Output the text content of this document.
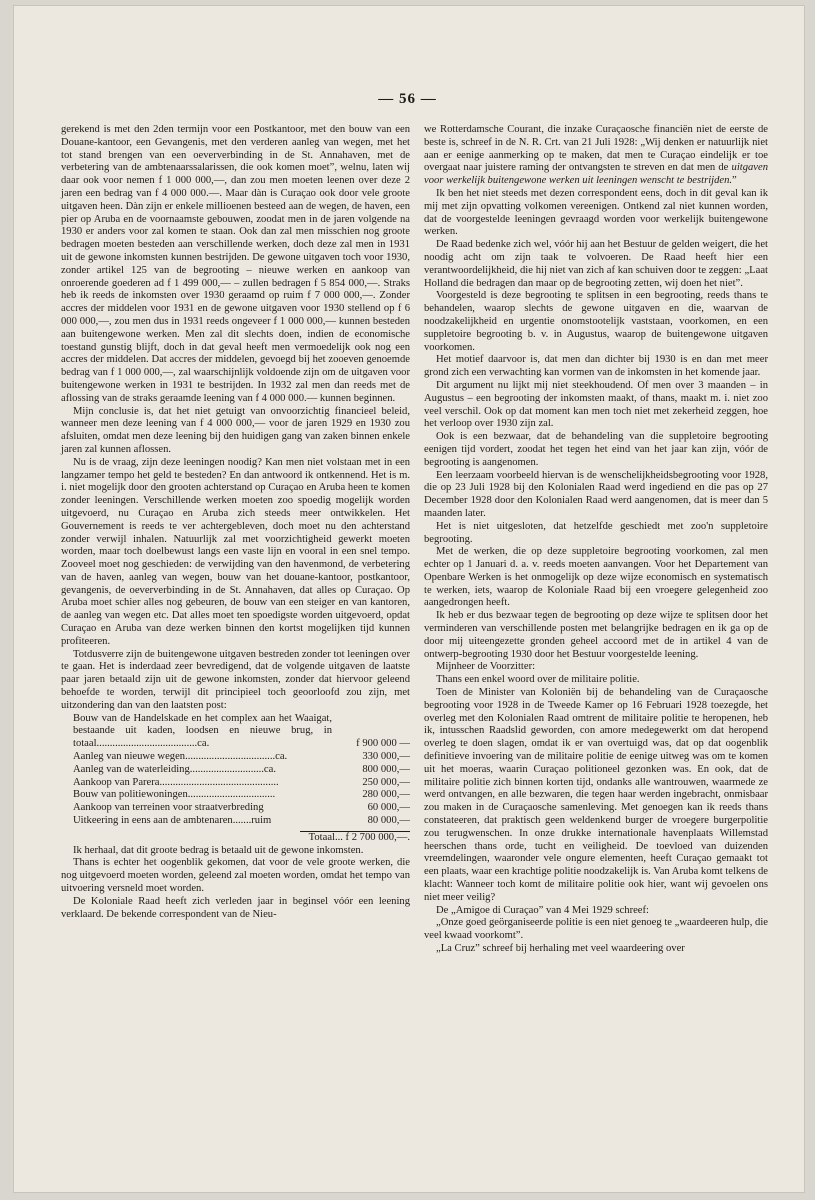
— 56 —

gerekend is met den 2den termijn voor een Postkantoor, met den bouw van een Douane-kantoor, een Gevangenis, met den verderen aanleg van wegen, met het tot stand brengen van een oeververbinding in de St. Annahaven, met de verbetering van de ambtenaarssalarissen, die ook komen moet”, welnu, laten wij daar ook voor nemen f 1 000 000,—, dan zou men moeten leenen over deze 2 jaren een bedrag van f 4 000 000.—. Maar dàn is Curaçao ook door vele groote uitgaven heen. Dàn zijn er enkele millioenen besteed aan de wegen, de haven, een pier op Aruba en de voornaamste gebouwen, zoodat men in de jaren volgende na 1930 er anders voor zal komen te staan. Ook dan zal men misschien nog groote bedragen moeten besteden aan verschillende werken, doch deze zal men in 1931 uit de gewone inkomsten kunnen bestrijden. De gewone uitgaven toch voor 1930, zonder artikel 125 van de begrooting – nieuwe werken en aankoop van onroerende goederen ad f 1 499 000,— – zullen bedragen f 5 854 000,—. Straks heb ik reeds de inkomsten over 1930 geraamd op ruim f 7 000 000,—. Zonder accres der middelen voor 1931 en de gewone uitgaven voor 1930 stellend op f 6 000 000,—, zou men dus in 1931 reeds ongeveer f 1 000 000,— kunnen besteden aan buitengewone werken. Men zal dit slechts doen, indien de economische toestand gunstig blijft, doch in dat geval heeft men vermoedelijk ook nog een accres der middelen. Dat accres der middelen, gevoegd bij het zooeven genoemde bedrag van f 1 000 000,—, zal waarschijnlijk voldoende zijn om de uitgaven voor buitengewone werken in 1931 te bestrijden. In 1932 zal men dan reeds met de aflossing van de straks geraamde leening van f 4 000 000.— kunnen beginnen.

Mijn conclusie is, dat het niet getuigt van onvoorzichtig financieel beleid, wanneer men deze leening van f 4 000 000,— voor de jaren 1929 en 1930 zou afsluiten, omdat men deze leening bij den huidigen gang van zaken binnen enkele jaren zal kunnen aflossen.

Nu is de vraag, zijn deze leeningen noodig? Kan men niet volstaan met in een langzamer tempo het geld te besteden? En dan antwoord ik ontkennend. Het is m. i. niet mogelijk door den grooten achterstand op Curaçao en Aruba heen te komen zonder leeningen. Verschillende werken moeten zoo spoedig mogelijk worden uitgevoerd, nu Curaçao en Aruba zich steeds meer ontwikkelen. Het Gouvernement is reeds te ver achtergebleven, doch moet nu den achterstand zonder verwijl inhalen. Natuurlijk zal met voorzichtigheid gewerkt moeten worden, maar toch doelbewust langs een vaste lijn en vooral in een snel tempo. Zooveel moet nog geschieden: de verwijding van den havenmond, de verbetering van de haven, aanleg van wegen, bouw van het douane-kantoor, postkantoor, gevangenis, de oeververbinding in de St. Annahaven, dat alles op Curaçao. Op Aruba moet schier alles nog gebeuren, de bouw van een steiger en van kantoren, de aanleg van wegen etc. Dat alles moet ten spoedigste worden uitgevoerd, opdat Curaçao en Aruba van deze werken binnen den kortst mogelijken tijd kunnen profiteeren.

Totdusverre zijn de buitengewone uitgaven bestreden zonder tot leeningen over te gaan. Het is inderdaad zeer bevredigend, dat de volgende uitgaven de laatste paar jaren betaald zijn uit de gewone inkomsten, zonder dat hiervoor geleend behoefde te worden, terwijl dit principieel toch geoorloofd zou zijn, met uitzondering dan van den laatsten post:

Bouw van de Handelskade en het complex aan het Waaigat, bestaande uit kaden, loodsen en nieuwe brug, in totaal......................................ca.	f 900 000 —
Aanleg van nieuwe wegen..................................ca.	330 000,—
Aanleg van de waterleiding............................ca.	800 000,—
Aankoop van Parera.............................................	250 000,—
Bouw van politiewoningen.................................	280 000,—
Aankoop van terreinen voor straatverbreding	60 000,—
Uitkeering in eens aan de ambtenaren.......ruim	80 000,—
Totaal... f 2 700 000,—.

Ik herhaal, dat dit groote bedrag is betaald uit de gewone inkomsten.

Thans is echter het oogenblik gekomen, dat voor de vele groote werken, die nog uitgevoerd moeten worden, geleend zal moeten worden, omdat het tempo van uitvoering versneld moet worden.

De Koloniale Raad heeft zich verleden jaar in beginsel vóór een leening verklaard. De bekende correspondent van de Nieu-

we Rotterdamsche Courant, die inzake Curaçaosche financiën niet de eerste de beste is, schreef in de N. R. Crt. van 21 Juli 1928: „Wij denken er natuurlijk niet aan er eenige aanmerking op te maken, dat men te Curaçao eindelijk er toe overgaat naar juistere raming der ontvangsten te streven en dat men de uitgaven voor werkelijk buitengewone werken uit leeningen wenscht te bestrijden.”

Ik ben het niet steeds met dezen correspondent eens, doch in dit geval kan ik mij met zijn opvatting volkomen vereenigen. Ontkend zal niet kunnen worden, dat de voorgestelde leeningen gevraagd worden voor werkelijk buitengewone werken.

De Raad bedenke zich wel, vóór hij aan het Bestuur de gelden weigert, die het noodig acht om zijn taak te volvoeren. De Raad heeft hier een verantwoordelijkheid, die hij niet van zich af kan schuiven door te zeggen: „Laat Holland die bedragen dan maar op de begrooting zetten, wij doen het niet”.

Voorgesteld is deze begrooting te splitsen in een begrooting, reeds thans te behandelen, waarop slechts de gewone uitgaven en die, waarvan de noodzakelijkheid en urgentie onomstootelijk vaststaan, voorkomen, en een suppletoire begrooting b. v. in Augustus, waarop de buitengewone uitgaven voorkomen.

Het motief daarvoor is, dat men dan dichter bij 1930 is en dan met meer grond zich een verwachting kan vormen van de inkomsten in het komende jaar.

Dit argument nu lijkt mij niet steekhoudend. Of men over 3 maanden – in Augustus – een begrooting der inkomsten maakt, of thans, maakt m. i. niet zoo veel verschil. Ook op dat moment kan men toch niet met zekerheid zeggen, hoe het verloop over 1930 zijn zal.

Ook is een bezwaar, dat de behandeling van die suppletoire begrooting eenigen tijd vordert, zoodat het tegen het eind van het jaar kan zijn, vóór de begrooting is aangenomen.

Een leerzaam voorbeeld hiervan is de wenschelijkheidsbegrooting voor 1928, die op 23 Juli 1928 bij den Kolonialen Raad werd ingediend en die pas op 27 December 1928 door den Kolonialen Raad werd aangenomen, dat is meer dan 5 maanden later.

Het is niet uitgesloten, dat hetzelfde geschiedt met zoo'n suppletoire begrooting.

Met de werken, die op deze suppletoire begrooting voorkomen, zal men echter op 1 Januari d. a. v. reeds moeten aanvangen. Voor het Departement van Openbare Werken is het onmogelijk op deze wijze economisch en systematisch te werken, iets, waarop de Koloniale Raad bij een vroegere gelegenheid zoo aangedrongen heeft.

Ik heb er dus bezwaar tegen de begrooting op deze wijze te splitsen door het verminderen van verschillende posten met belangrijke bedragen en ik ga op de door mij uiteengezette gronden geheel accoord met de in artikel 4 van de ontwerp-begrooting 1930 door het Bestuur voorgestelde leening.

Mijnheer de Voorzitter:

Thans een enkel woord over de militaire politie.

Toen de Minister van Koloniën bij de behandeling van de Curaçaosche begrooting voor 1928 in de Tweede Kamer op 16 Februari 1928 toezegde, het overleg met den Kolonialen Raad omtrent de militaire politie te heropenen, heb ik, intusschen Raadslid geworden, con amore medegewerkt om dat heropend overleg te doen slagen, omdat ik er van overtuigd was, dat op dat oogenblik definitieve invoering van de militaire politie de eenige uitweg was om te komen uit het moeras, waarin Curaçao politioneel gezonken was. En ook, dat de militaire politie zich binnen korten tijd, ondanks alle wantrouwen, waarmede ze werd ontvangen, en alle bezwaren, die tegen haar werden ingebracht, onmisbaar zou maken in de Curaçaosche samenleving. Met genoegen kan ik reeds thans constateeren, dat praktisch geen weldenkend burger de vroegere burgerpolitie zou terugwenschen. In onze drukke internationale havenplaats Willemstad heerschen thans orde, tucht en veiligheid. De toevloed van duizenden vreemdelingen, waaronder vele ongure elementen, heeft Curaçao gemaakt tot een plaats, waar een krachtige politie noodzakelijk is. Van Aruba komt telkens de klacht: Wanneer toch komt de militaire politie ook hier, want wij gevoelen ons niet meer veilig?

De „Amigoe di Curaçao” van 4 Mei 1929 schreef:

„Onze goed geörganiseerde politie is een niet genoeg te „waardeeren hulp, die veel kwaad voorkomt”.

„La Cruz” schreef bij herhaling met veel waardeering over
